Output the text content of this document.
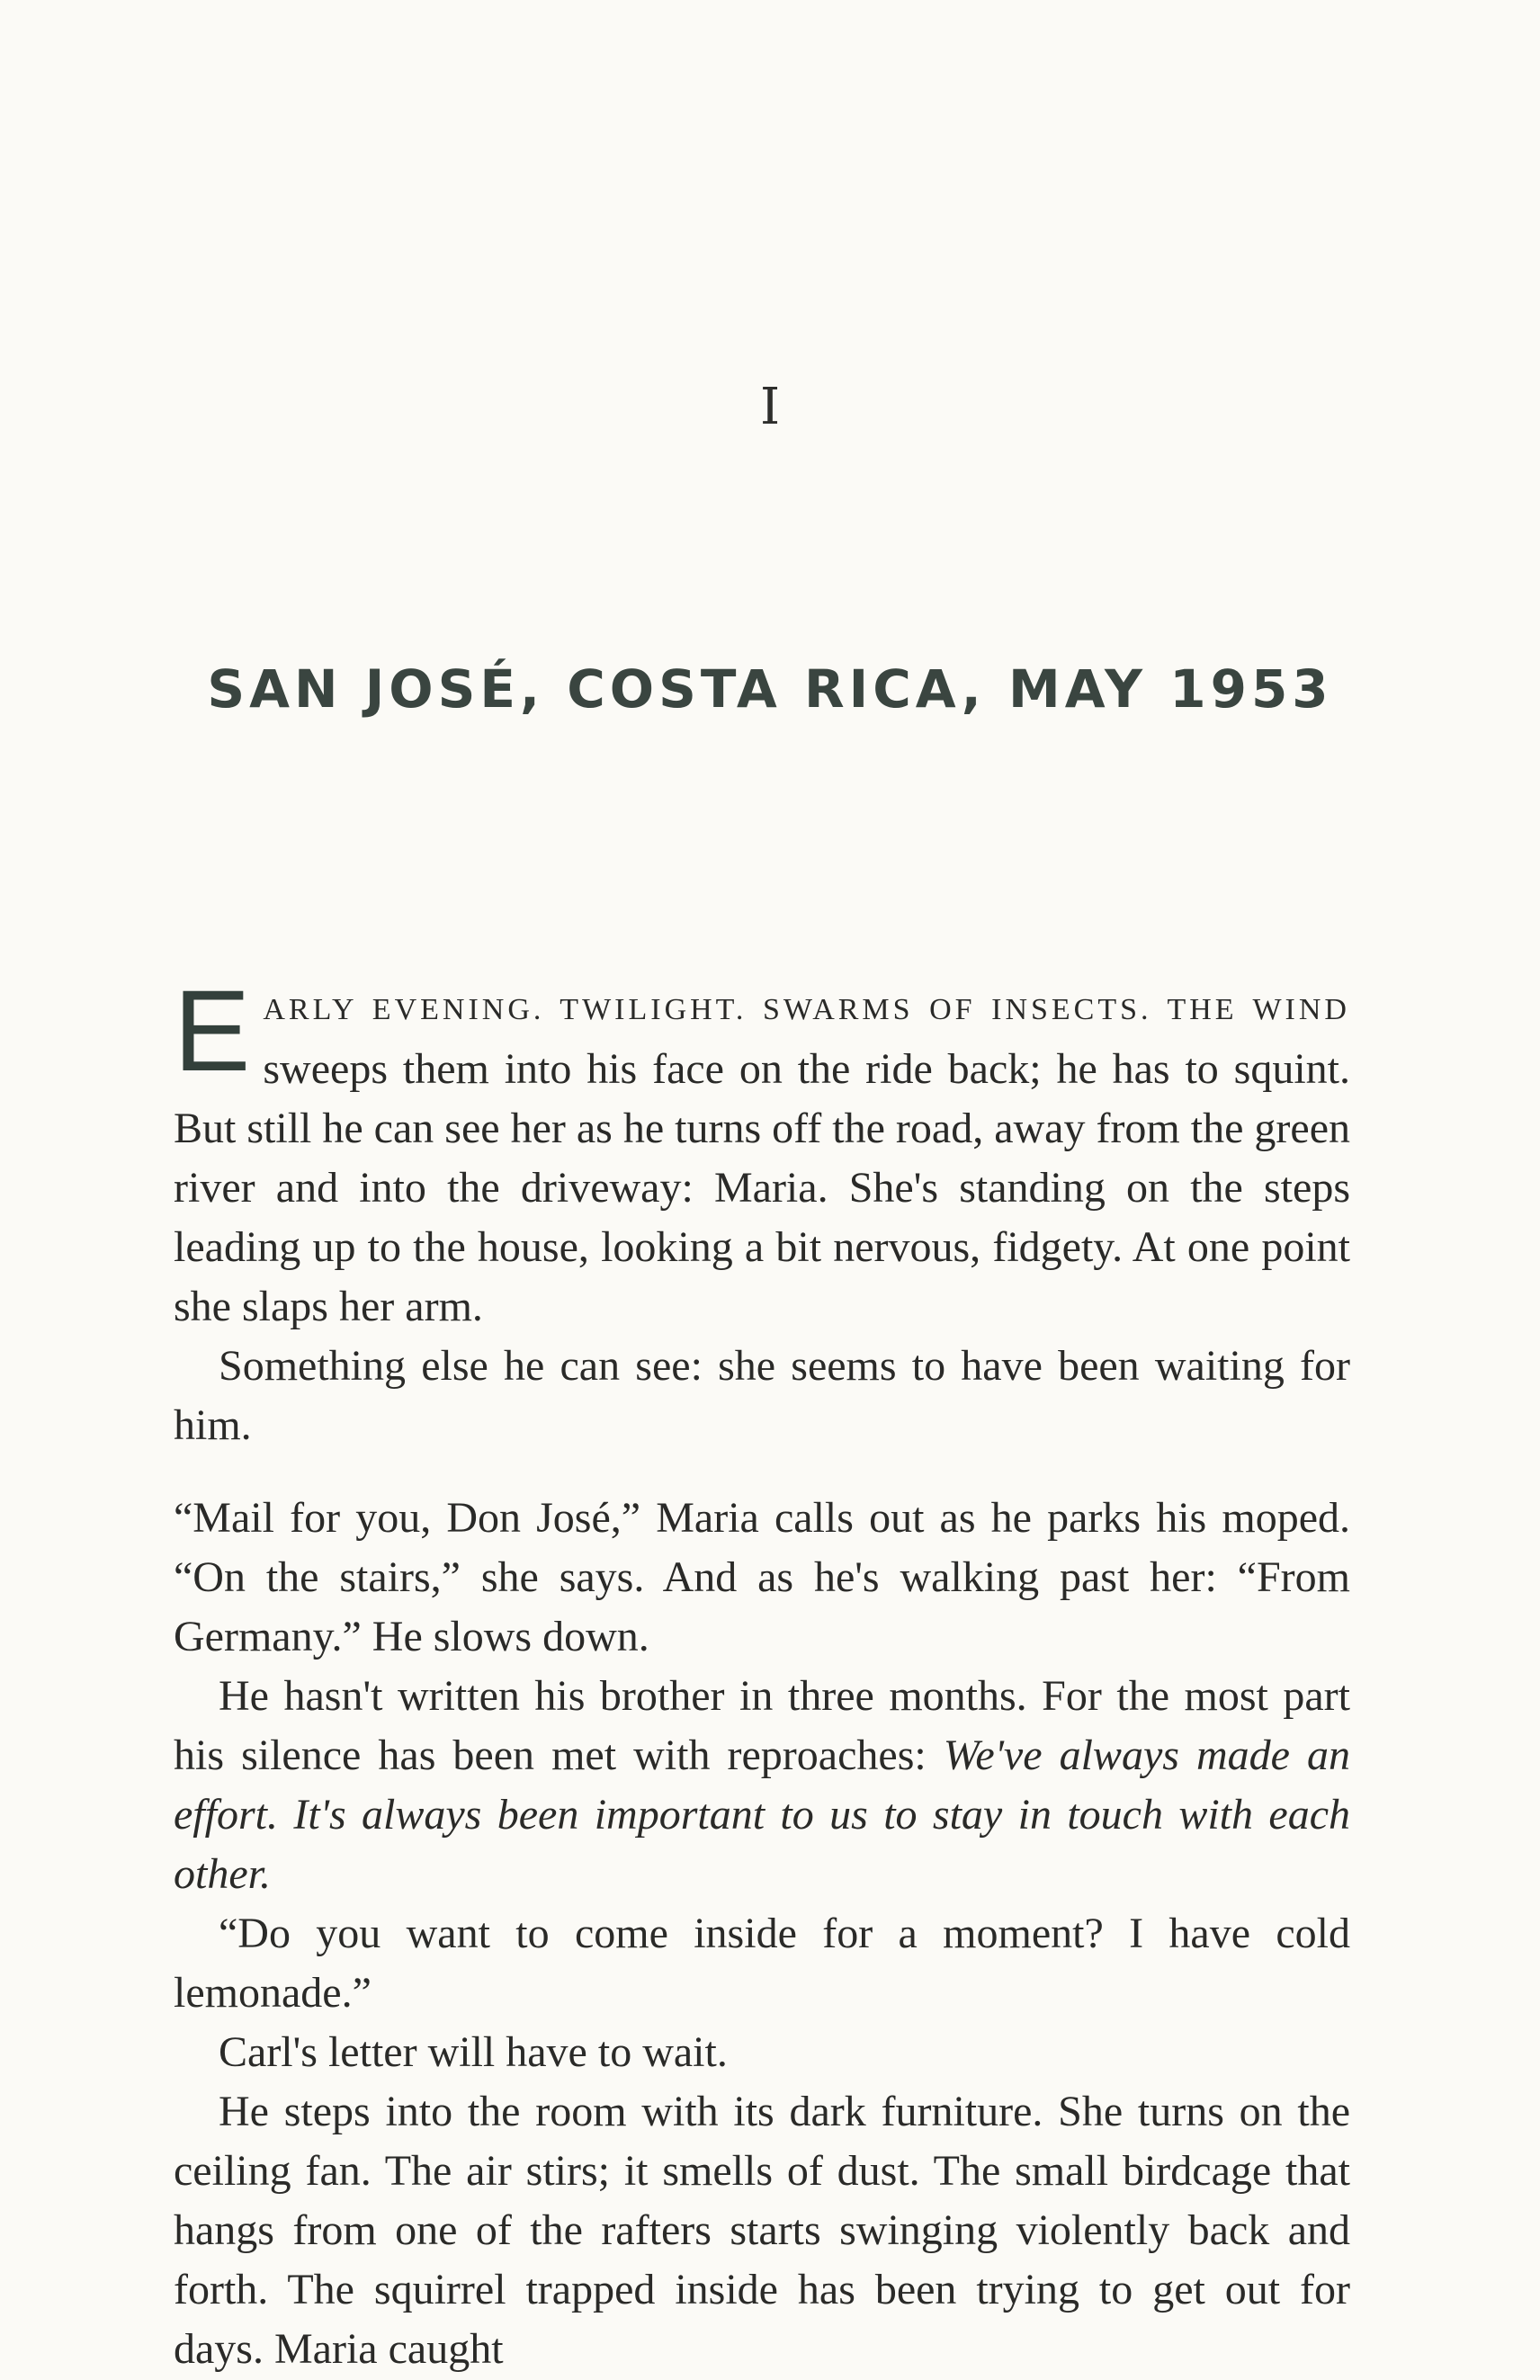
I
SAN JOSÉ, COSTA RICA, MAY 1953

EARLY EVENING. TWILIGHT. SWARMS OF INSECTS. THE WIND sweeps them into his face on the ride back; he has to squint. But still he can see her as he turns off the road, away from the green river and into the driveway: Maria. She's standing on the steps leading up to the house, looking a bit nervous, fidgety. At one point she slaps her arm.

Something else he can see: she seems to have been waiting for him.

“Mail for you, Don José,” Maria calls out as he parks his moped. “On the stairs,” she says. And as he's walking past her: “From Germany.” He slows down.

He hasn't written his brother in three months. For the most part his silence has been met with reproaches: We've always made an effort. It's always been important to us to stay in touch with each other.

“Do you want to come inside for a moment? I have cold lemonade.”

Carl's letter will have to wait.

He steps into the room with its dark furniture. She turns on the ceiling fan. The air stirs; it smells of dust. The small birdcage that hangs from one of the rafters starts swinging violently back and forth. The squirrel trapped inside has been trying to get out for days. Maria caught
